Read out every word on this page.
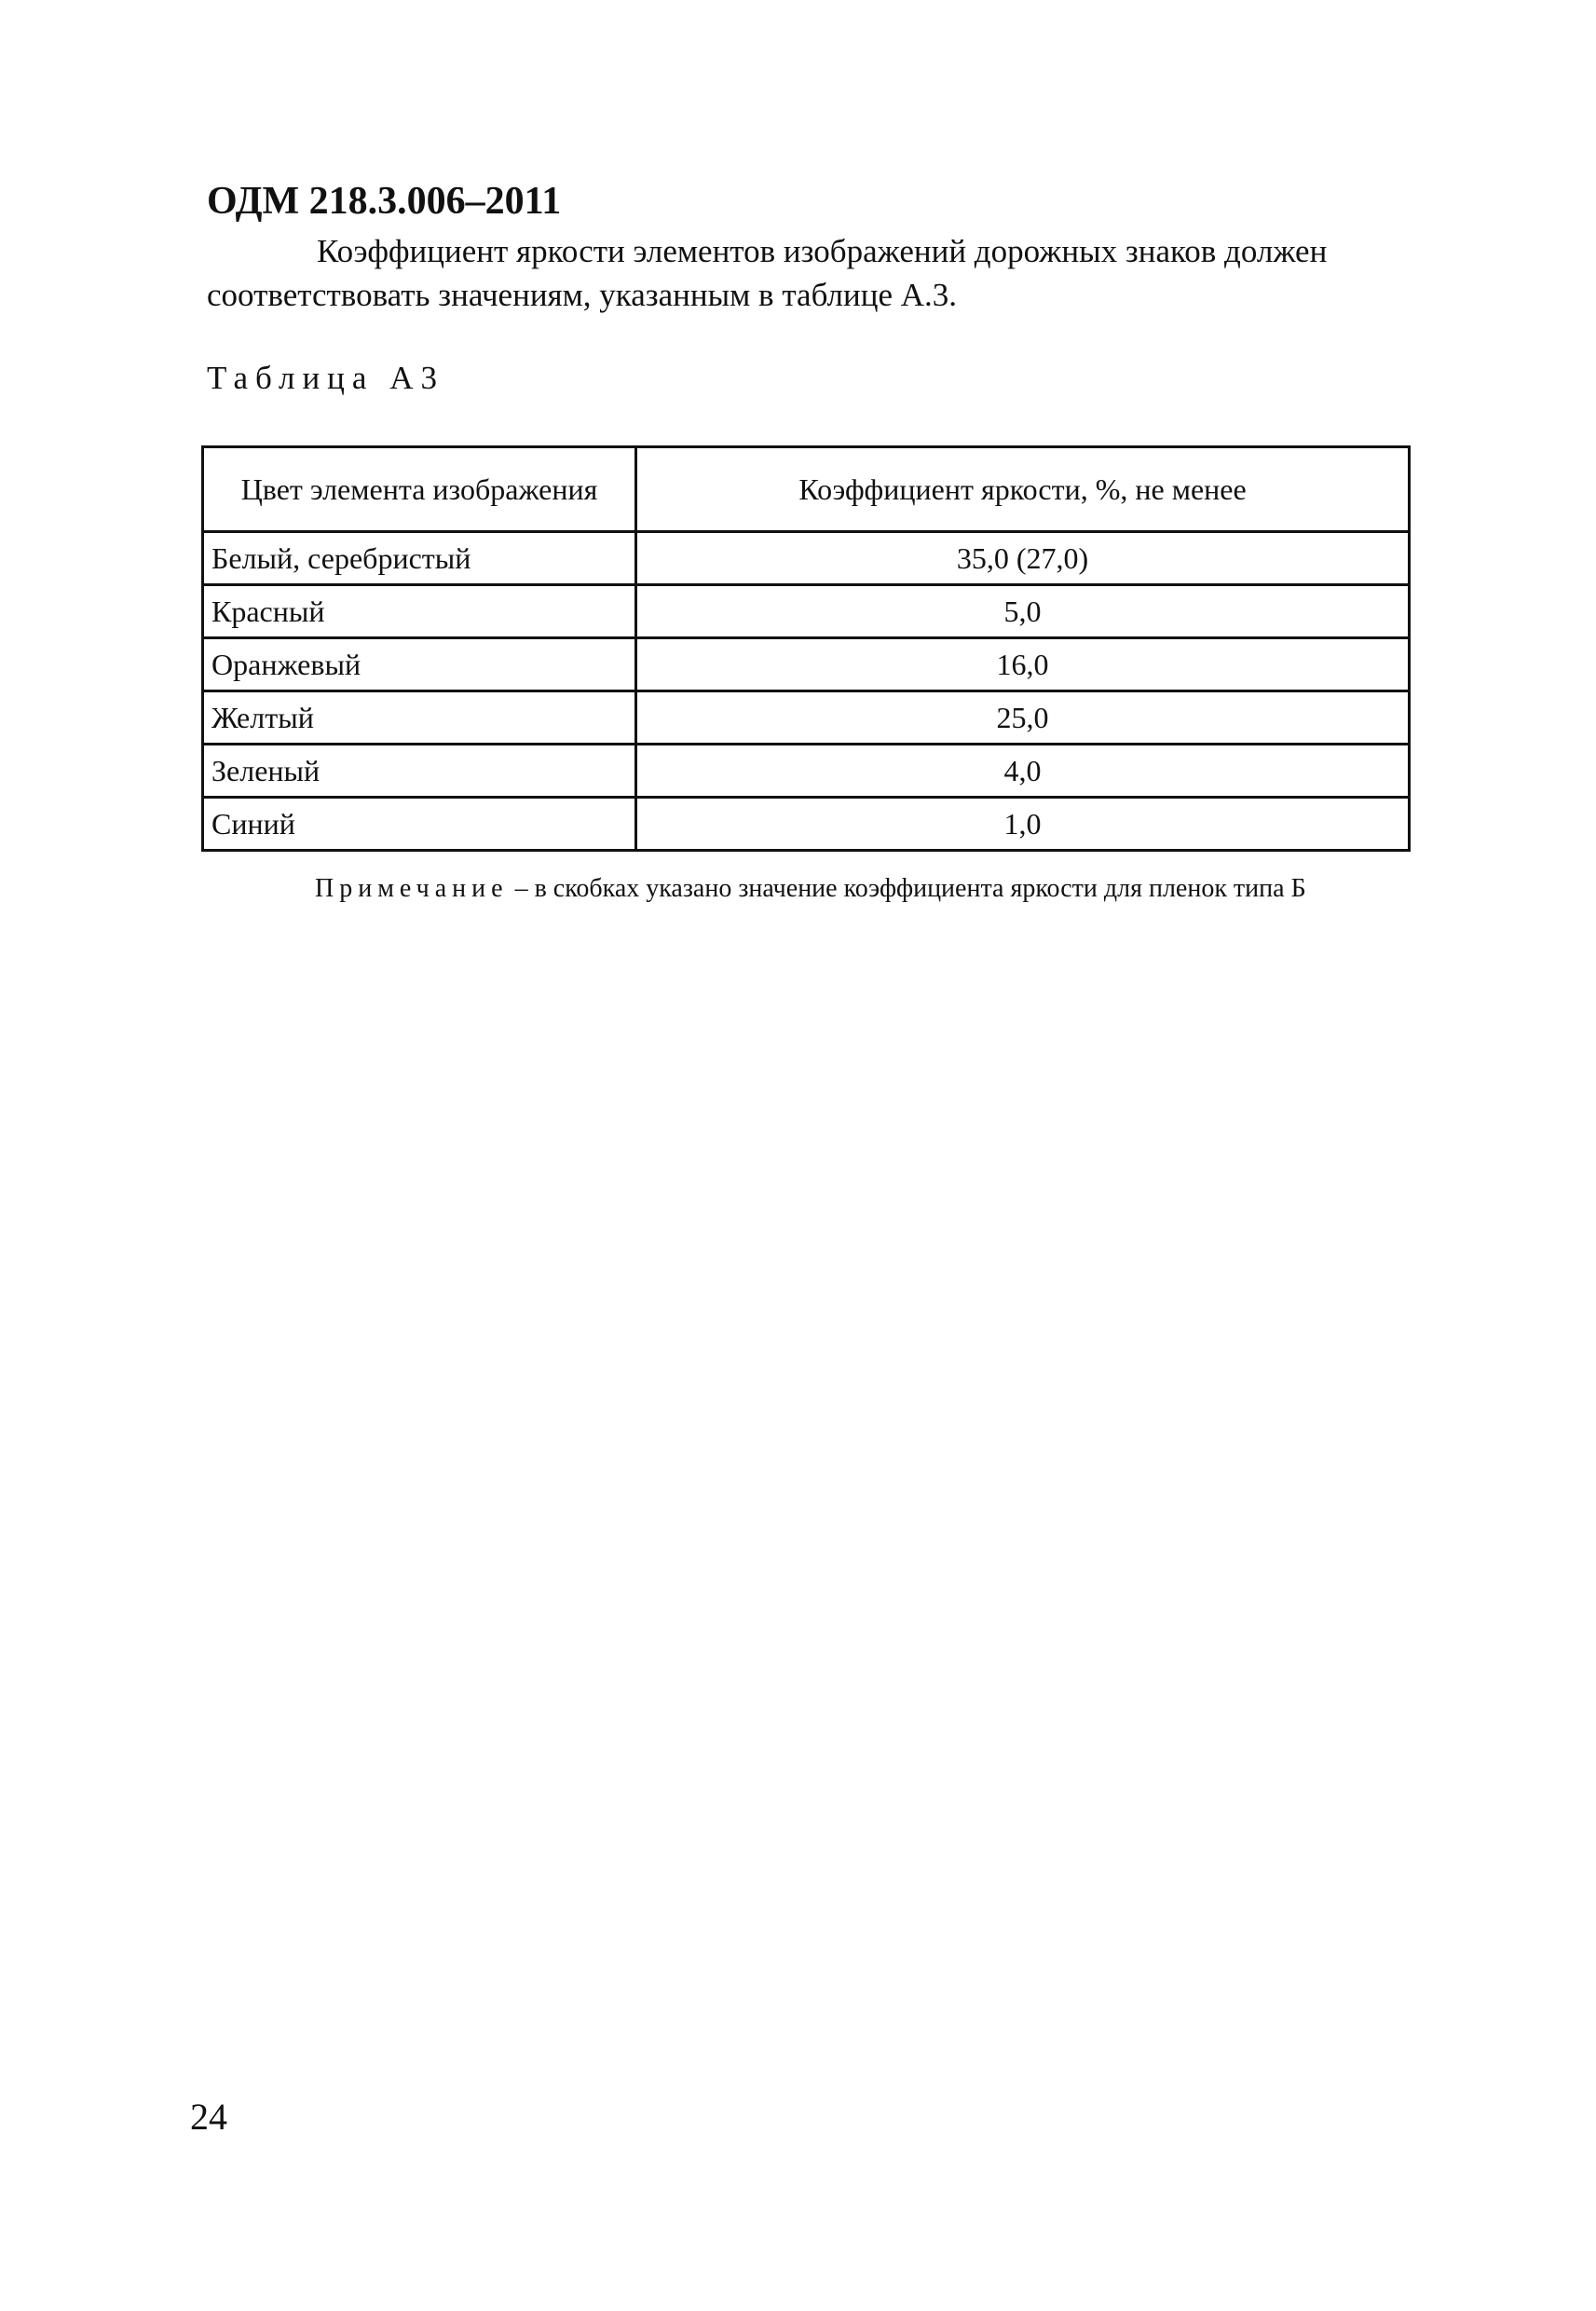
ОДМ 218.3.006–2011

Коэффициент яркости элементов изображений дорожных знаков должен
соответствовать значениям, указанным в таблице А.3.

Таблица А3

Цвет элемента изображения	Коэффициент яркости, %, не менее
Белый, серебристый	35,0 (27,0)
Красный	5,0
Оранжевый	16,0
Желтый	25,0
Зеленый	4,0
Синий	1,0

Примечание – в скобках указано значение коэффициента яркости для пленок типа Б

24
